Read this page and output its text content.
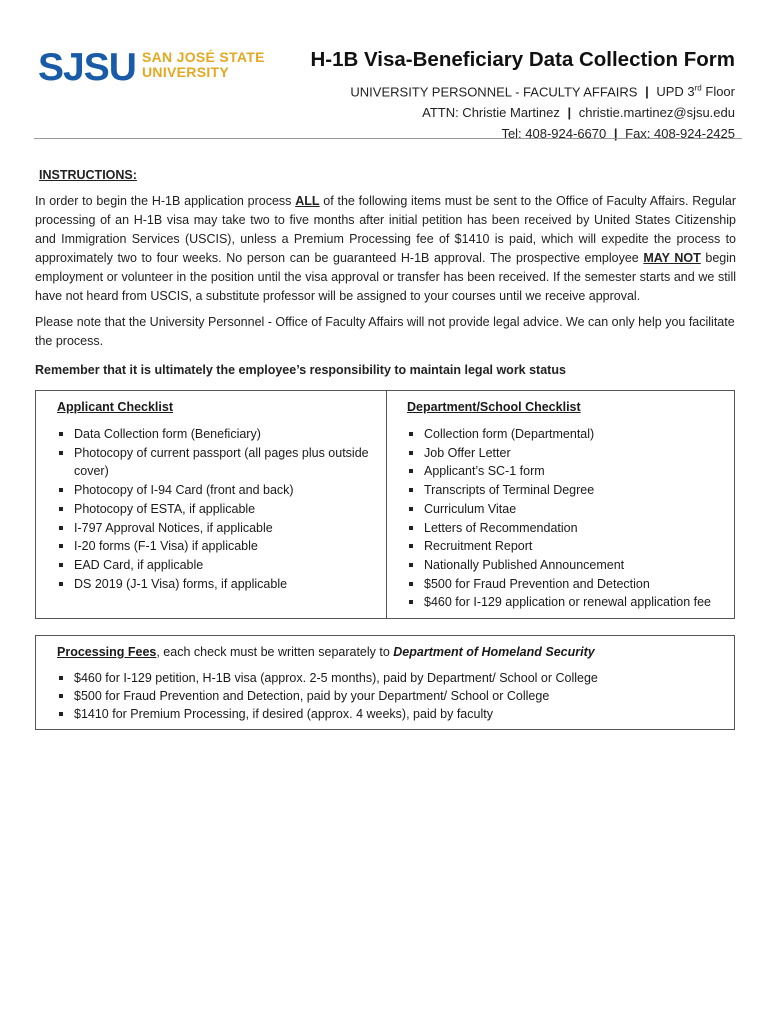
SJSU SAN JOSÉ STATE
UNIVERSITY
H-1B Visa-Beneficiary Data Collection Form
UNIVERSITY PERSONNEL - FACULTY AFFAIRS | UPD 3rd Floor
ATTN: Christie Martinez | christie.martinez@sjsu.edu
Tel: 408-924-6670 | Fax: 408-924-2425
INSTRUCTIONS:
In order to begin the H-1B application process ALL of the following items must be sent to the Office of Faculty Affairs. Regular processing of an H-1B visa may take two to five months after initial petition has been received by United States Citizenship and Immigration Services (USCIS), unless a Premium Processing fee of $1410 is paid, which will expedite the process to approximately two to four weeks. No person can be guaranteed H-1B approval. The prospective employee MAY NOT begin employment or volunteer in the position until the visa approval or transfer has been received. If the semester starts and we still have not heard from USCIS, a substitute professor will be assigned to your courses until we receive approval.
Please note that the University Personnel - Office of Faculty Affairs will not provide legal advice. We can only help you facilitate the process.
Remember that it is ultimately the employee’s responsibility to maintain legal work status
Applicant Checklist
Data Collection form (Beneficiary)
Photocopy of current passport (all pages plus outside cover)
Photocopy of I-94 Card (front and back)
Photocopy of ESTA, if applicable
I-797 Approval Notices, if applicable
I-20 forms (F-1 Visa) if applicable
EAD Card, if applicable
DS 2019 (J-1 Visa) forms, if applicable
Department/School Checklist
Collection form (Departmental)
Job Offer Letter
Applicant’s SC-1 form
Transcripts of Terminal Degree
Curriculum Vitae
Letters of Recommendation
Recruitment Report
Nationally Published Announcement
$500 for Fraud Prevention and Detection
$460 for I-129 application or renewal application fee
Processing Fees, each check must be written separately to Department of Homeland Security
$460 for I-129 petition, H-1B visa (approx. 2-5 months), paid by Department/ School or College
$500 for Fraud Prevention and Detection, paid by your Department/ School or College
$1410 for Premium Processing, if desired (approx. 4 weeks), paid by faculty
